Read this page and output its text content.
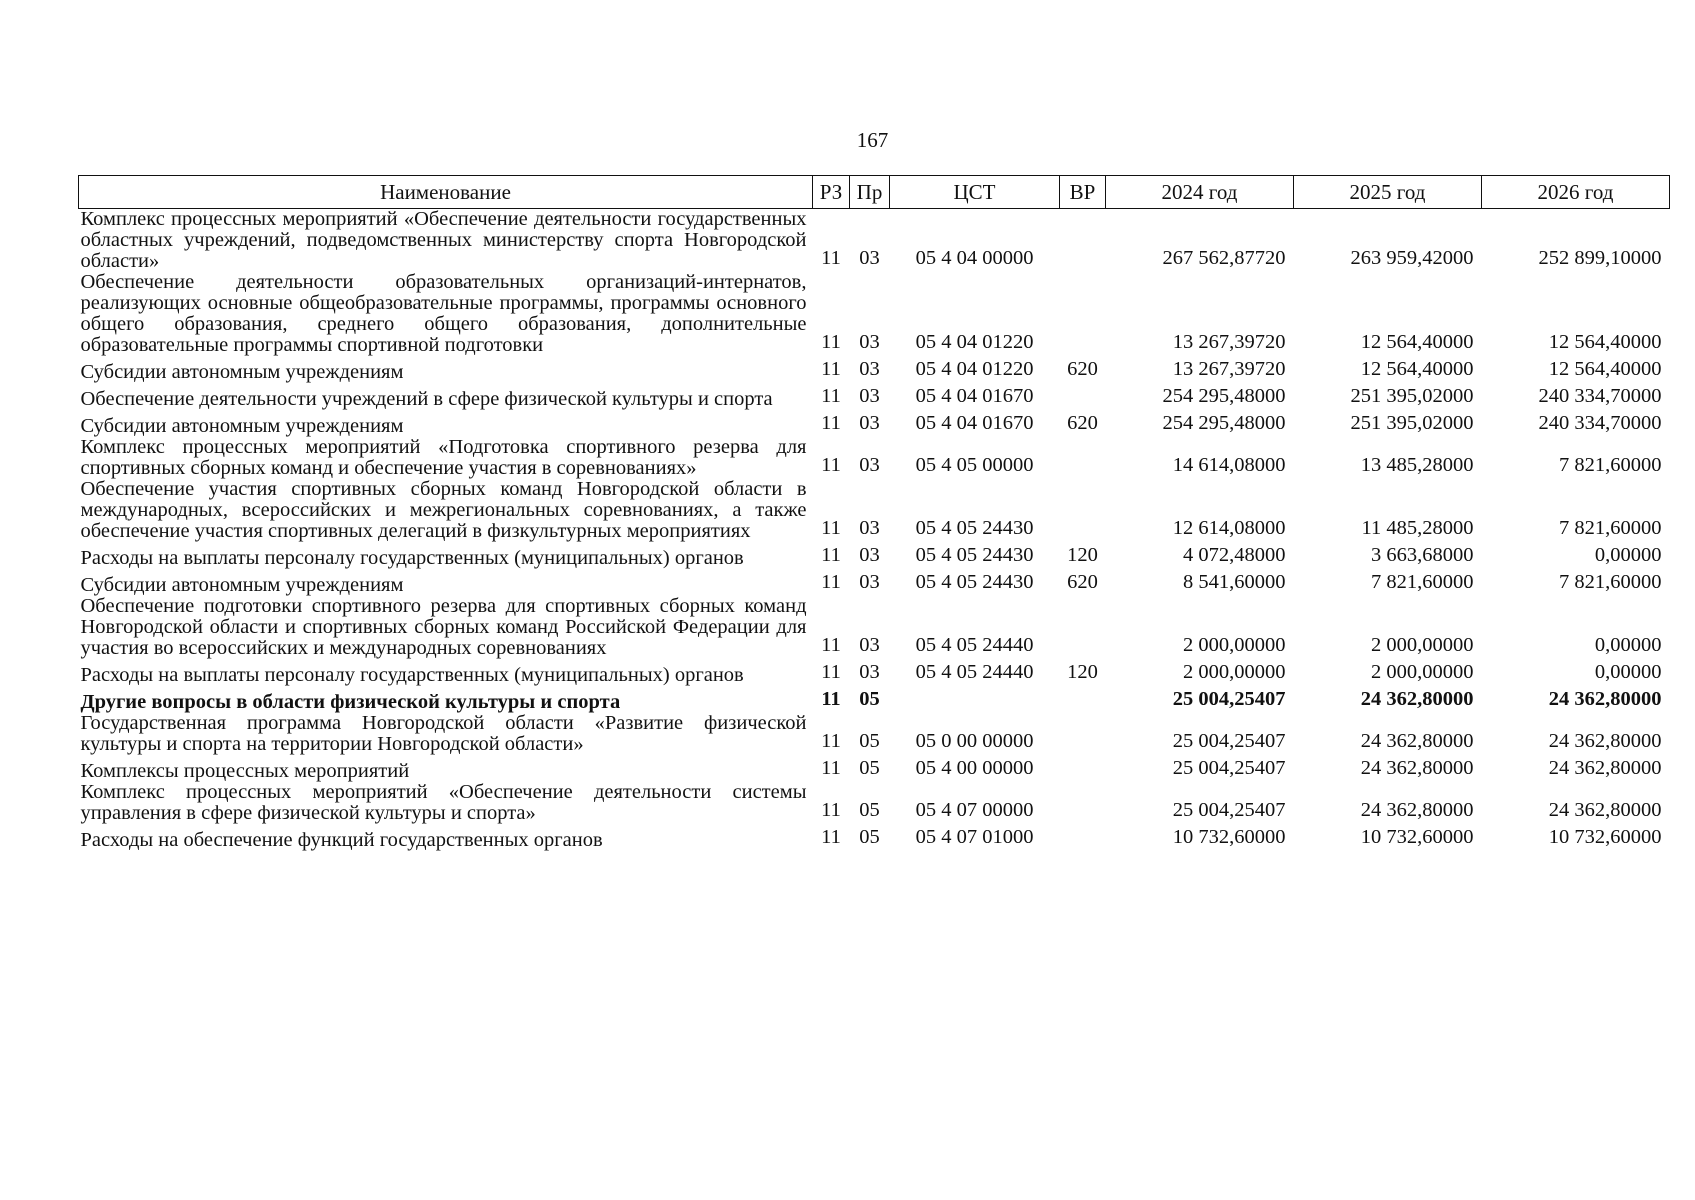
167
Наименование	РЗ	Пр	ЦСТ	ВР	2024 год	2025 год	2026 год
Комплекс процессных мероприятий «Обеспечение деятельности государственных областных учреждений, подведомственных министерству спорта Новгородской области»	11	03	05 4 04 00000		267 562,87720	263 959,42000	252 899,10000
Обеспечение деятельности образовательных организаций-интернатов, реализующих основные общеобразовательные программы, программы основного общего образования, среднего общего образования, дополнительные образовательные программы спортивной подготовки	11	03	05 4 04 01220		13 267,39720	12 564,40000	12 564,40000
Субсидии автономным учреждениям	11	03	05 4 04 01220	620	13 267,39720	12 564,40000	12 564,40000
Обеспечение деятельности учреждений в сфере физической культуры и спорта	11	03	05 4 04 01670		254 295,48000	251 395,02000	240 334,70000
Субсидии автономным учреждениям	11	03	05 4 04 01670	620	254 295,48000	251 395,02000	240 334,70000
Комплекс процессных мероприятий «Подготовка спортивного резерва для спортивных сборных команд и обеспечение участия в соревнованиях»	11	03	05 4 05 00000		14 614,08000	13 485,28000	7 821,60000
Обеспечение участия спортивных сборных команд Новгородской области в международных, всероссийских и межрегиональных соревнованиях, а также обеспечение участия спортивных делегаций в физкультурных мероприятиях	11	03	05 4 05 24430		12 614,08000	11 485,28000	7 821,60000
Расходы на выплаты персоналу государственных (муниципальных) органов	11	03	05 4 05 24430	120	4 072,48000	3 663,68000	0,00000
Субсидии автономным учреждениям	11	03	05 4 05 24430	620	8 541,60000	7 821,60000	7 821,60000
Обеспечение подготовки спортивного резерва для спортивных сборных команд Новгородской области и спортивных сборных команд Российской Федерации для участия во всероссийских и международных соревнованиях	11	03	05 4 05 24440		2 000,00000	2 000,00000	0,00000
Расходы на выплаты персоналу государственных (муниципальных) органов	11	03	05 4 05 24440	120	2 000,00000	2 000,00000	0,00000
Другие вопросы в области физической культуры и спорта	11	05			25 004,25407	24 362,80000	24 362,80000
Государственная программа Новгородской области «Развитие физической культуры и спорта на территории Новгородской области»	11	05	05 0 00 00000		25 004,25407	24 362,80000	24 362,80000
Комплексы процессных мероприятий	11	05	05 4 00 00000		25 004,25407	24 362,80000	24 362,80000
Комплекс процессных мероприятий «Обеспечение деятельности системы управления в сфере физической культуры и спорта»	11	05	05 4 07 00000		25 004,25407	24 362,80000	24 362,80000
Расходы на обеспечение функций государственных органов	11	05	05 4 07 01000		10 732,60000	10 732,60000	10 732,60000
